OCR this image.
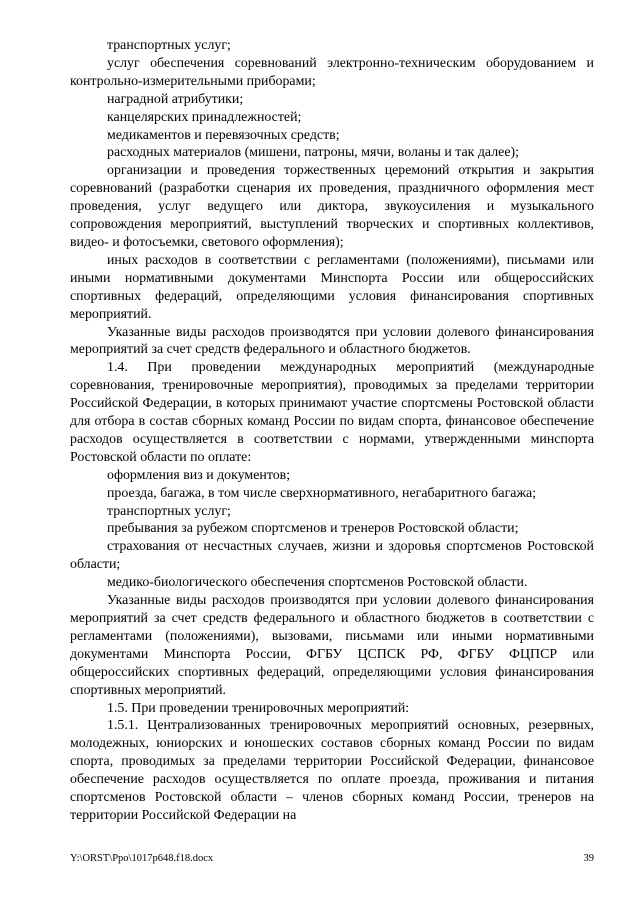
транспортных услуг;

услуг обеспечения соревнований электронно-техническим оборудованием и контрольно-измерительными приборами;

наградной атрибутики;

канцелярских принадлежностей;

медикаментов и перевязочных средств;

расходных материалов (мишени, патроны, мячи, воланы и так далее);

организации и проведения торжественных церемоний открытия и закрытия соревнований (разработки сценария их проведения, праздничного оформления мест проведения, услуг ведущего или диктора, звукоусиления и музыкального сопровождения мероприятий, выступлений творческих и спортивных коллективов, видео- и фотосъемки, светового оформления);

иных расходов в соответствии с регламентами (положениями), письмами или иными нормативными документами Минспорта России или общероссийских спортивных федераций, определяющими условия финансирования спортивных мероприятий.

Указанные виды расходов производятся при условии долевого финансирования мероприятий за счет средств федерального и областного бюджетов.

1.4. При проведении международных мероприятий (международные соревнования, тренировочные мероприятия), проводимых за пределами территории Российской Федерации, в которых принимают участие спортсмены Ростовской области для отбора в состав сборных команд России по видам спорта, финансовое обеспечение расходов осуществляется в соответствии с нормами, утвержденными минспорта Ростовской области по оплате:

оформления виз и документов;

проезда, багажа, в том числе сверхнормативного, негабаритного багажа;

транспортных услуг;

пребывания за рубежом спортсменов и тренеров Ростовской области;

страхования от несчастных случаев, жизни и здоровья спортсменов Ростовской области;

медико-биологического обеспечения спортсменов Ростовской области.

Указанные виды расходов производятся при условии долевого финансирования мероприятий за счет средств федерального и областного бюджетов в соответствии с регламентами (положениями), вызовами, письмами или иными нормативными документами Минспорта России, ФГБУ ЦСПСК РФ, ФГБУ ФЦПСР или общероссийских спортивных федераций, определяющими условия финансирования спортивных мероприятий.

1.5. При проведении тренировочных мероприятий:

1.5.1. Централизованных тренировочных мероприятий основных, резервных, молодежных, юниорских и юношеских составов сборных команд России по видам спорта, проводимых за пределами территории Российской Федерации, финансовое обеспечение расходов осуществляется по оплате проезда, проживания и питания спортсменов Ростовской области – членов сборных команд России, тренеров на территории Российской Федерации на

Y:\ORST\Ppo\1017p648.f18.docx	39
